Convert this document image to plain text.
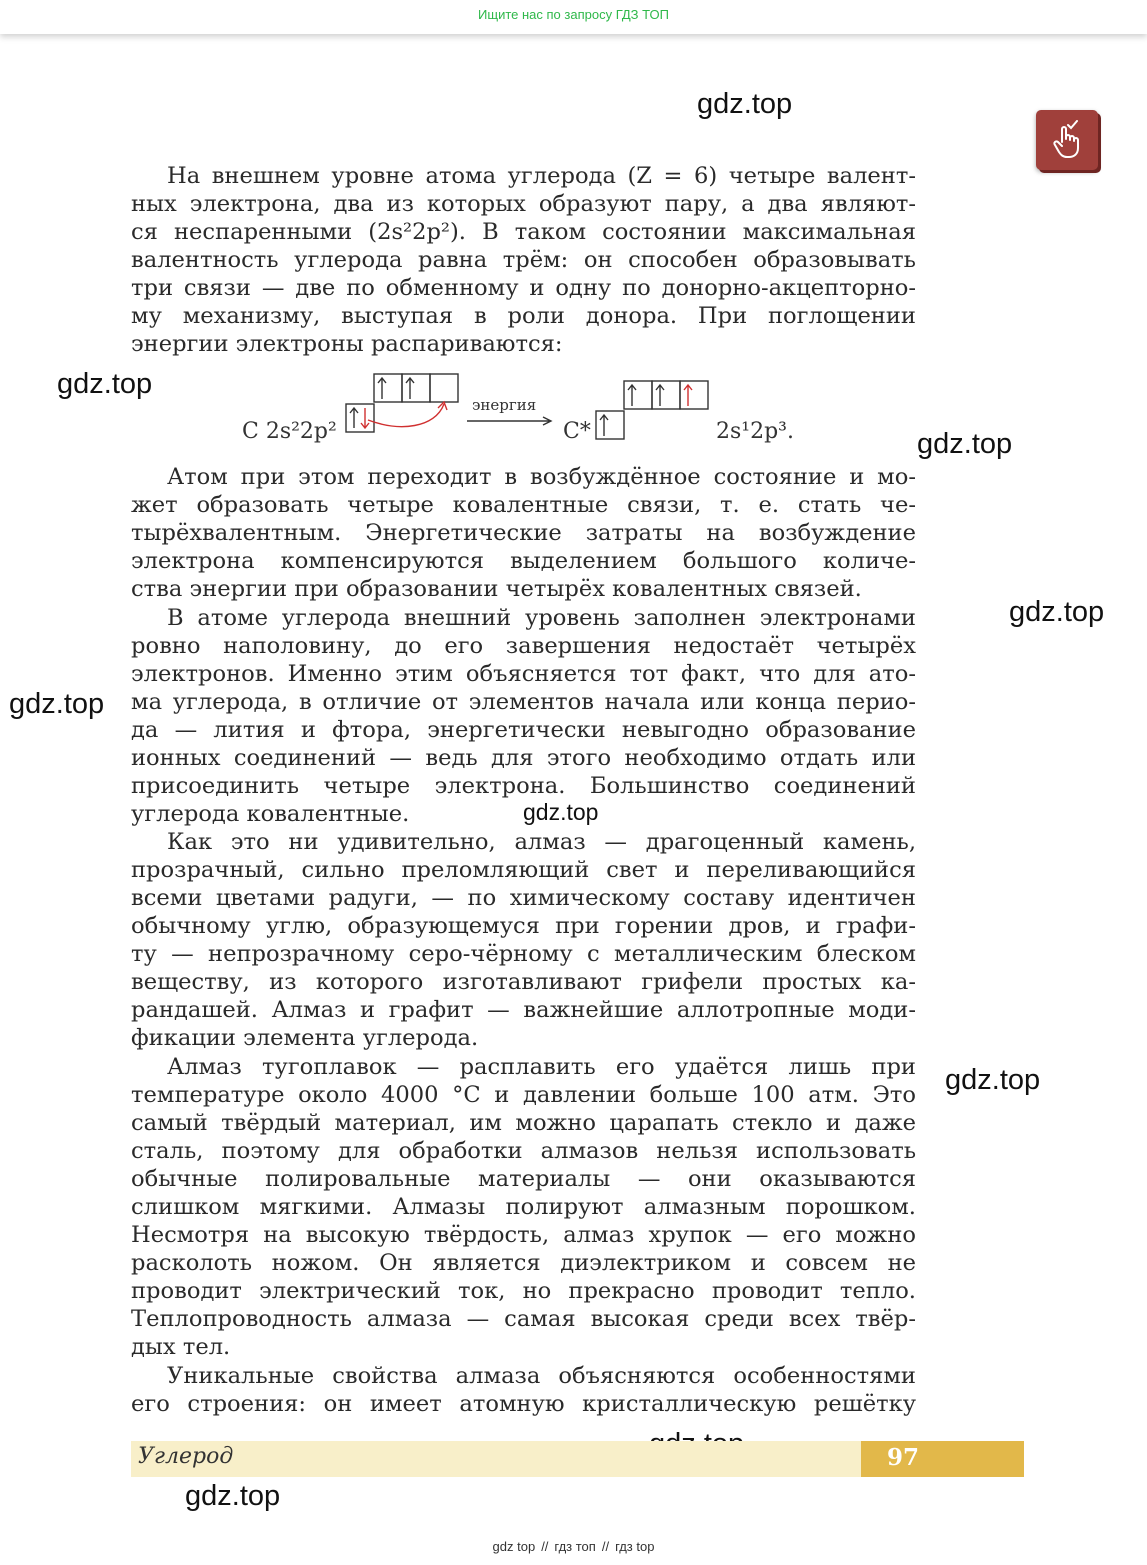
Ищите нас по запросу ГДЗ ТОП
gdz.top
gdz.top
gdz.top
gdz.top
gdz.top
gdz.top
gdz.top
gdz.top

На внешнем уровне атома углерода (Z = 6) четыре валент-

ных электрона, два из которых образуют пару, а два являют-

ся неспаренными (2s²2p²). В таком состоянии максимальная

валентность углерода равна трём: он способен образовывать

три связи — две по обменному и одну по донорно-акцепторно-

му механизму, выступая в роли донора. При поглощении

энергии электроны распариваются:

энергия
C 2s²2p²	C*	2s¹2p³.

Атом при этом переходит в возбуждённое состояние и мо-

жет образовать четыре ковалентные связи, т. е. стать че-

тырёхвалентным. Энергетические затраты на возбуждение

электрона компенсируются выделением большого количе-

ства энергии при образовании четырёх ковалентных связей.

В атоме углерода внешний уровень заполнен электронами

ровно наполовину, до его завершения недостаёт четырёх

электронов. Именно этим объясняется тот факт, что для ато-

ма углерода, в отличие от элементов начала или конца перио-

да — лития и фтора, энергетически невыгодно образование

ионных соединений — ведь для этого необходимо отдать или

присоединить четыре электрона. Большинство соединений

углерода ковалентные.

Как это ни удивительно, алмаз — драгоценный камень,

прозрачный, сильно преломляющий свет и переливающийся

всеми цветами радуги, — по химическому составу идентичен

обычному углю, образующемуся при горении дров, и графи-

ту — непрозрачному серо-чёрному с металлическим блеском

веществу, из которого изготавливают грифели простых ка-

рандашей. Алмаз и графит — важнейшие аллотропные моди-

фикации элемента углерода.

Алмаз тугоплавок — расплавить его удаётся лишь при

температуре около 4000 °C и давлении больше 100 атм. Это

самый твёрдый материал, им можно царапать стекло и даже

сталь, поэтому для обработки алмазов нельзя использовать

обычные полировальные материалы — они оказываются

слишком мягкими. Алмазы полируют алмазным порошком.

Несмотря на высокую твёрдость, алмаз хрупок — его можно

расколоть ножом. Он является диэлектриком и совсем не

проводит электрический ток, но прекрасно проводит тепло.

Теплопроводность алмаза — самая высокая среди всех твёр-

дых тел.

Уникальные свойства алмаза объясняются особенностями

его строения: он имеет атомную кристаллическую решётку

Углерод	97
gdz top // гдз топ // гдз top
